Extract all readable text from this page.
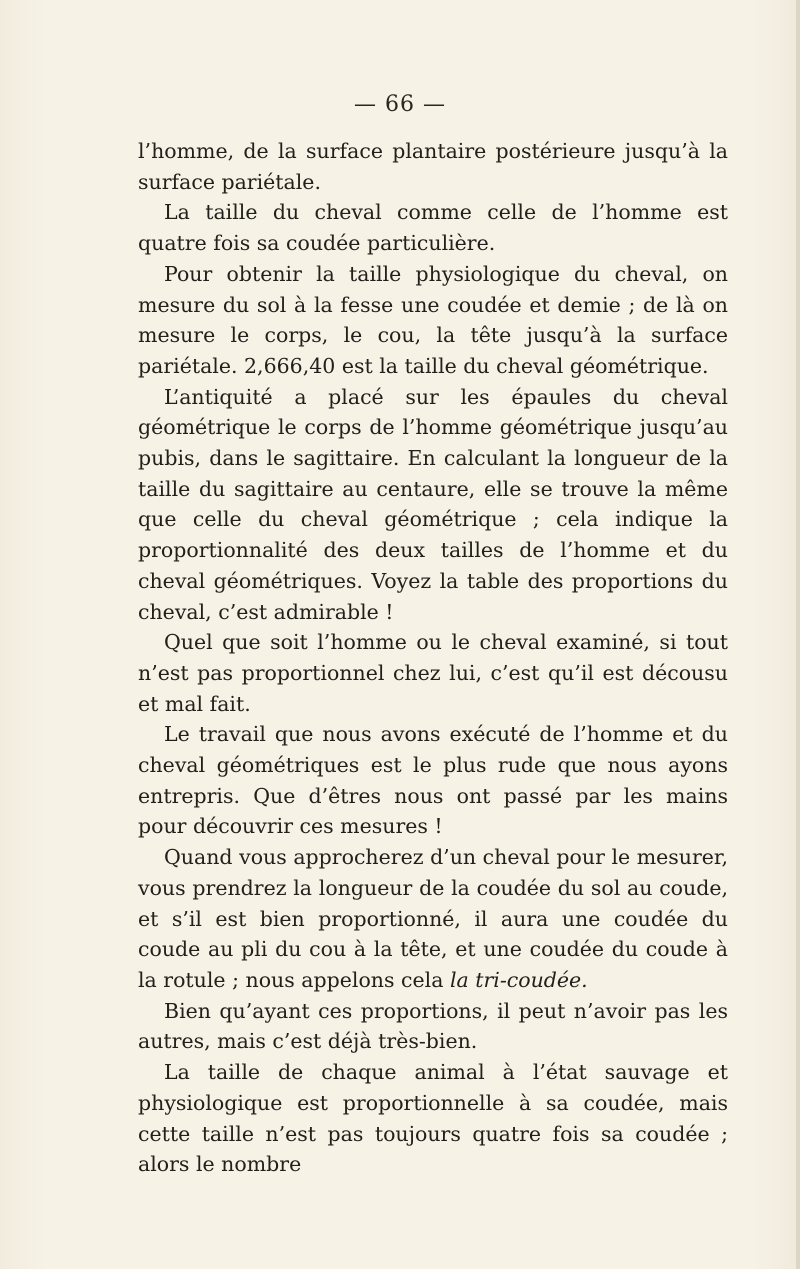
— 66 —

l’homme, de la surface plantaire postérieure jusqu’à la surface pariétale.

La taille du cheval comme celle de l’homme est quatre fois sa coudée particulière.

Pour obtenir la taille physiologique du cheval, on mesure du sol à la fesse une coudée et demie ; de là on mesure le corps, le cou, la tête jusqu’à la surface pariétale. 2,666,40 est la taille du cheval géométrique.

L’antiquité a placé sur les épaules du cheval géométrique le corps de l’homme géométrique jusqu’au pubis, dans le sagittaire. En calculant la longueur de la taille du sagittaire au centaure, elle se trouve la même que celle du cheval géométrique ; cela indique la proportionnalité des deux tailles de l’homme et du cheval géométriques. Voyez la table des proportions du cheval, c’est admirable !

Quel que soit l’homme ou le cheval examiné, si tout n’est pas proportionnel chez lui, c’est qu’il est décousu et mal fait.

Le travail que nous avons exécuté de l’homme et du cheval géométriques est le plus rude que nous ayons entrepris. Que d’êtres nous ont passé par les mains pour découvrir ces mesures !

Quand vous approcherez d’un cheval pour le mesurer, vous prendrez la longueur de la coudée du sol au coude, et s’il est bien proportionné, il aura une coudée du coude au pli du cou à la tête, et une coudée du coude à la rotule ; nous appelons cela la tri-coudée.

Bien qu’ayant ces proportions, il peut n’avoir pas les autres, mais c’est déjà très-bien.

La taille de chaque animal à l’état sauvage et physiologique est proportionnelle à sa coudée, mais cette taille n’est pas toujours quatre fois sa coudée ; alors le nombre
